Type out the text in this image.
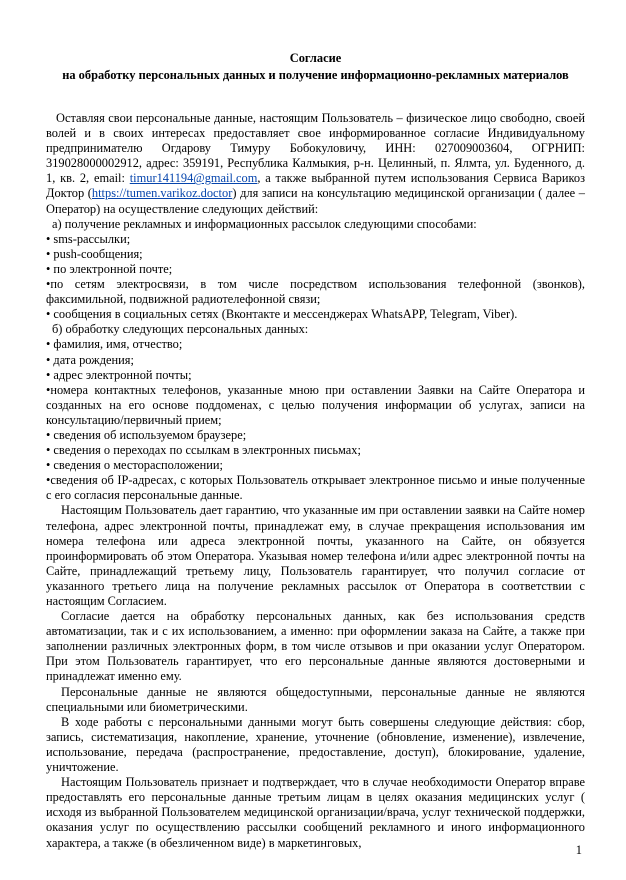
Согласие
на обработку персональных данных и получение информационно-рекламных материалов

Оставляя свои персональные данные, настоящим Пользователь – физическое лицо свободно, своей волей и в своих интересах предоставляет свое информированное согласие Индивидуальному предпринимателю Огдарову Тимуру Бобокуловичу, ИНН: 027009003604, ОГРНИП: 319028000002912, адрес: 359191, Республика Калмыкия, р-н. Целинный, п. Ялмта, ул. Буденного, д. 1, кв. 2, email: timur141194@gmail.com, а также выбранной путем использования Сервиса Варикоз Доктор (https://tumen.varikoz.doctor) для записи на консультацию медицинской организации ( далее – Оператор) на осуществление следующих действий:

а) получение рекламных и информационных рассылок следующими способами:
• sms-рассылки;
• push-сообщения;
• по электронной почте;
•по сетям электросвязи, в том числе посредством использования телефонной (звонков), факсимильной, подвижной радиотелефонной связи;
• сообщения в социальных сетях (Вконтакте и мессенджерах WhatsAPP, Telegram, Viber).
б) обработку следующих персональных данных:
• фамилия, имя, отчество;
• дата рождения;
• адрес электронной почты;
•номера контактных телефонов, указанные мною при оставлении Заявки на Сайте Оператора и созданных на его основе поддоменах, с целью получения информации об услугах, записи на консультацию/первичный прием;
• сведения об используемом браузере;
• сведения о переходах по ссылкам в электронных письмах;
• сведения о месторасположении;
•сведения об IP-адресах, с которых Пользователь открывает электронное письмо и иные полученные с его согласия персональные данные.

Настоящим Пользователь дает гарантию, что указанные им при оставлении заявки на Сайте номер телефона, адрес электронной почты, принадлежат ему, в случае прекращения использования им номера телефона или адреса электронной почты, указанного на Сайте, он обязуется проинформировать об этом Оператора. Указывая номер телефона и/или адрес электронной почты на Сайте, принадлежащий третьему лицу, Пользователь гарантирует, что получил согласие от указанного третьего лица на получение рекламных рассылок от Оператора в соответствии с настоящим Согласием.

Согласие дается на обработку персональных данных, как без использования средств автоматизации, так и с их использованием, а именно: при оформлении заказа на Сайте, а также при заполнении различных электронных форм, в том числе отзывов и при оказании услуг Оператором. При этом Пользователь гарантирует, что его персональные данные являются достоверными и принадлежат именно ему.

Персональные данные не являются общедоступными, персональные данные не являются специальными или биометрическими.

В ходе работы с персональными данными могут быть совершены следующие действия: сбор, запись, систематизация, накопление, хранение, уточнение (обновление, изменение), извлечение, использование, передача (распространение, предоставление, доступ), блокирование, удаление, уничтожение.

Настоящим Пользователь признает и подтверждает, что в случае необходимости Оператор вправе предоставлять его персональные данные третьим лицам в целях оказания медицинских услуг ( исходя из выбранной Пользователем медицинской организации/врача, услуг технической поддержки, оказания услуг по осуществлению рассылки сообщений рекламного и иного информационного характера, а также (в обезличенном виде) в маркетинговых,

1
